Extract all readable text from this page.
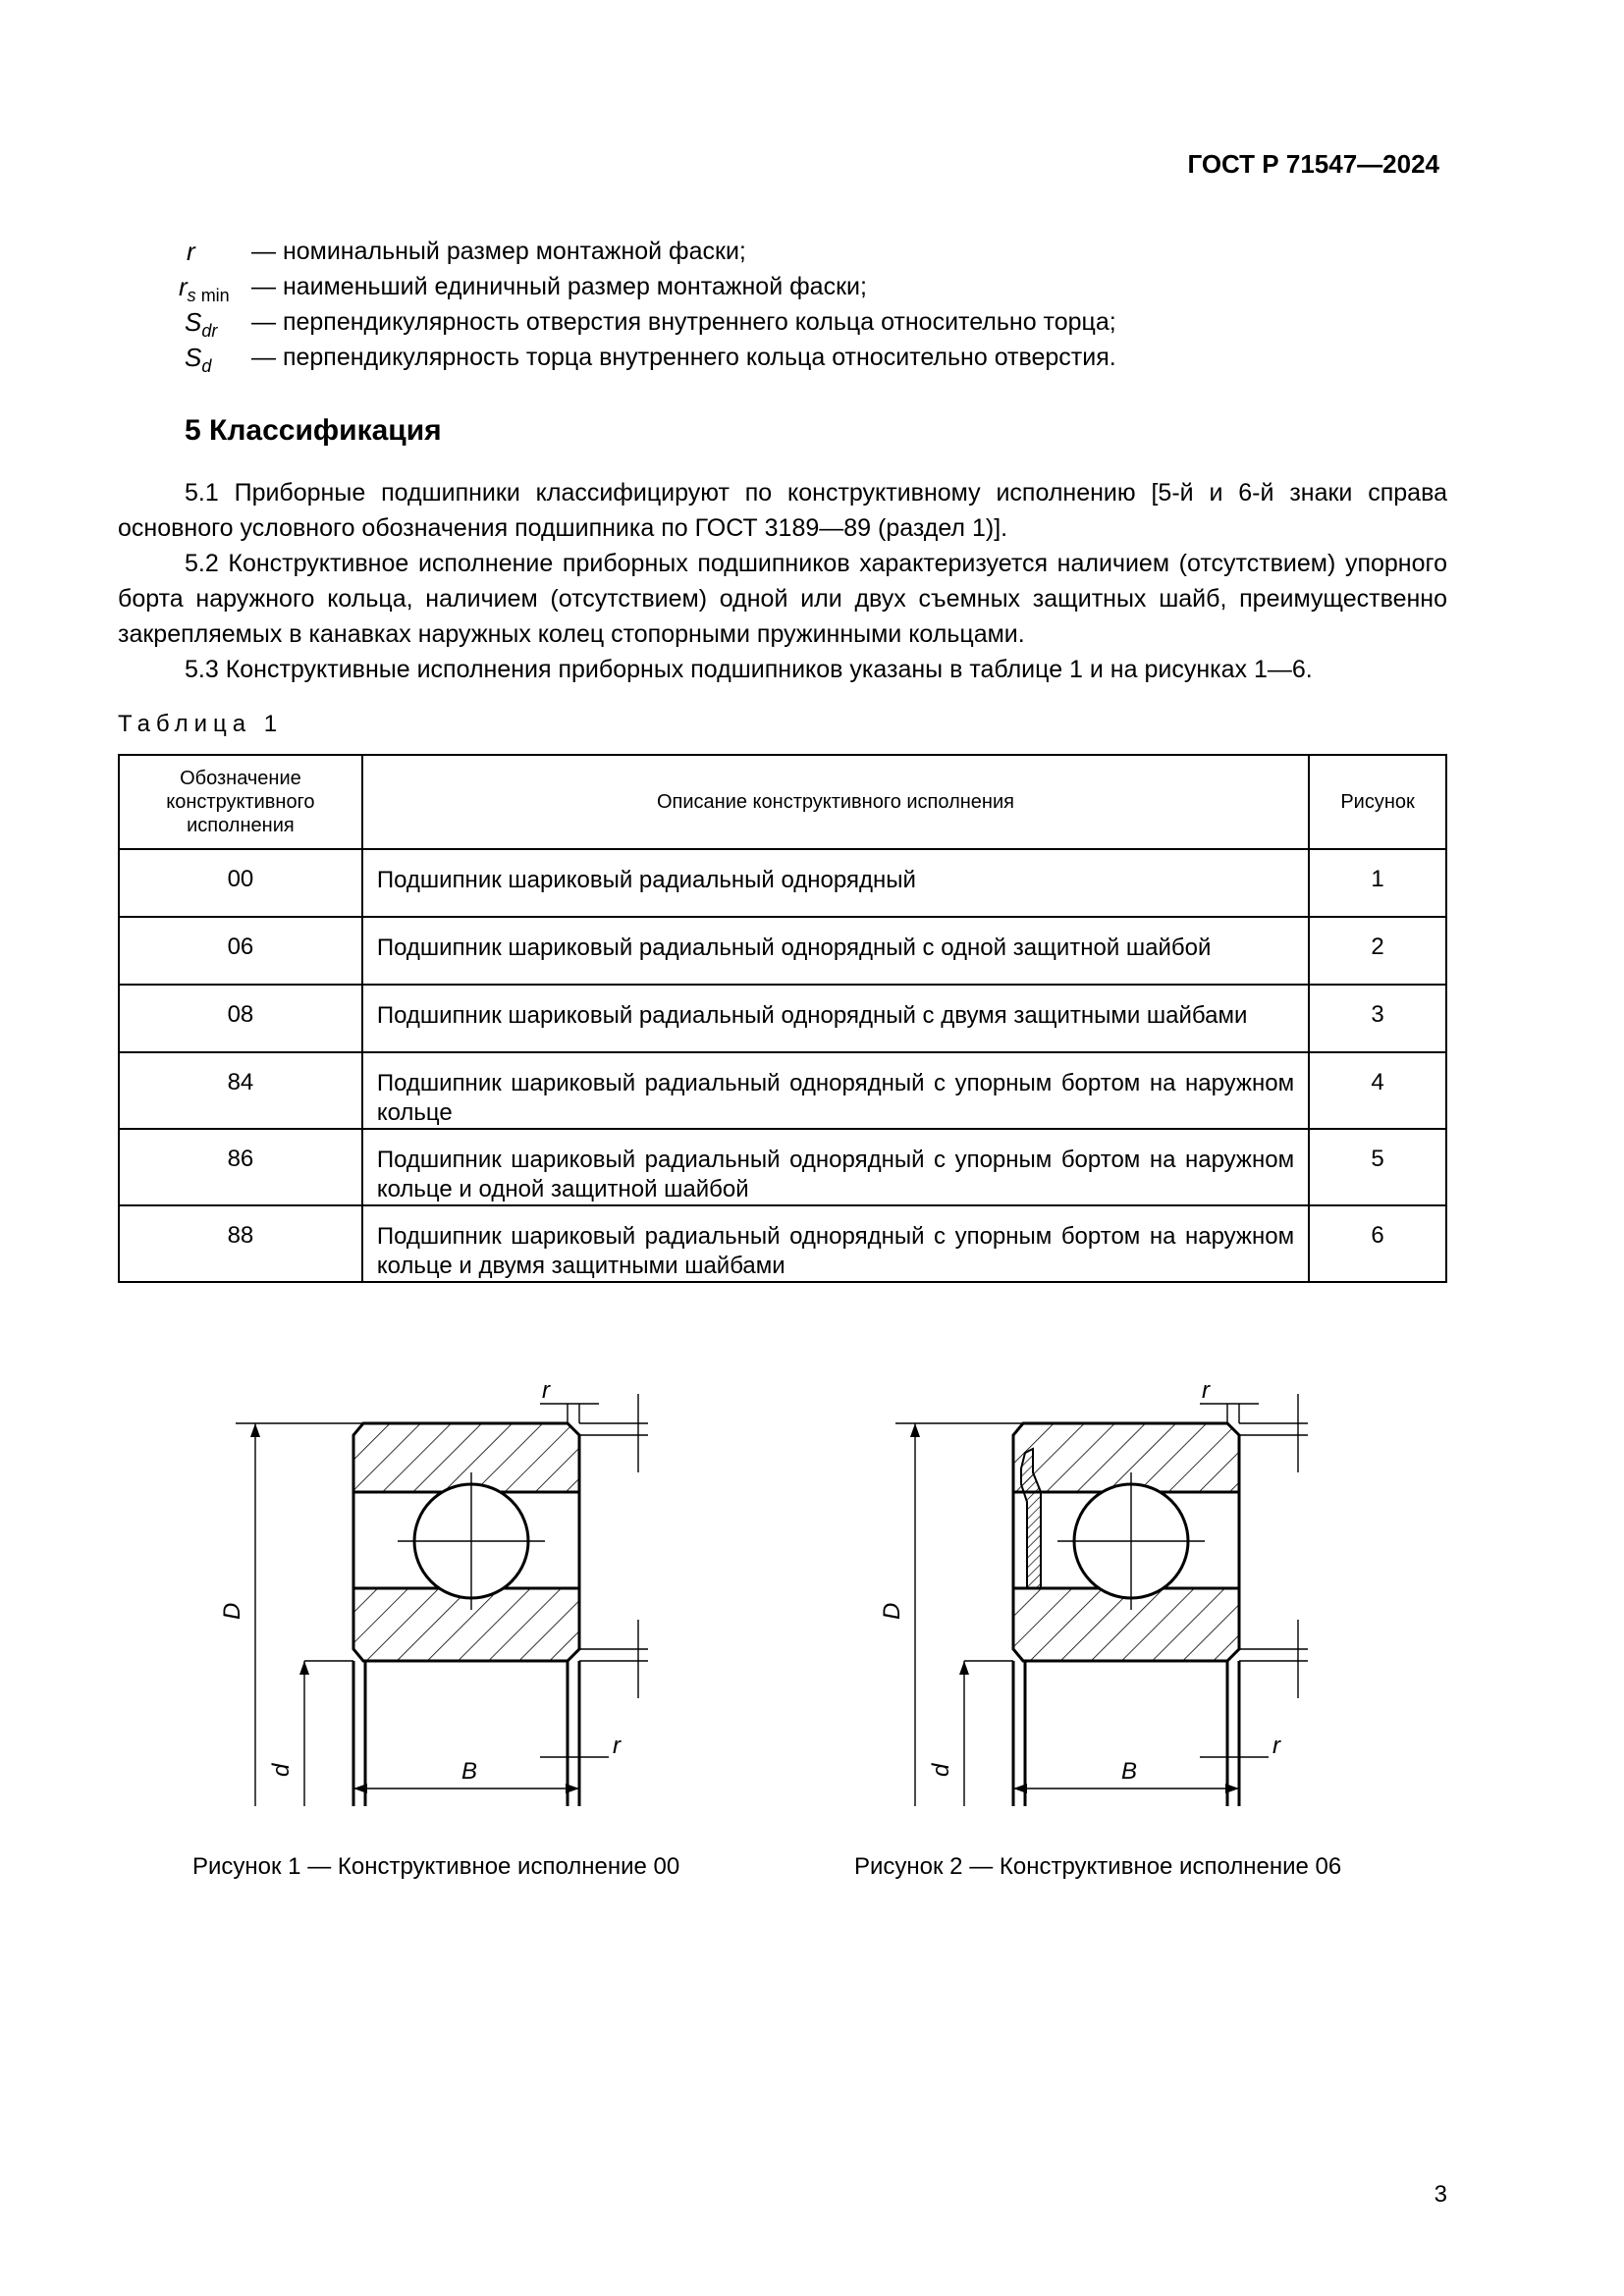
ГОСТ Р 71547—2024
r	— номинальный размер монтажной фаски;
$r_s$ $_{min}$ — наименьший единичный размер монтажной фаски;
$S_{dr}$	— перпендикулярность отверстия внутреннего кольца относительно торца;
$S_d$	— перпендикулярность торца внутреннего кольца относительно отверстия.
5 Классификация
5.1 Приборные подшипники классифицируют по конструктивному исполнению [5-й и 6-й знаки справа основного условного обозначения подшипника по ГОСТ 3189—89 (раздел 1)].
5.2 Конструктивное исполнение приборных подшипников характеризуется наличием (отсутствием) упорного борта наружного кольца, наличием (отсутствием) одной или двух съемных защитных шайб, преимущественно закрепляемых в канавках наружных колец стопорными пружинными кольцами.
5.3 Конструктивные исполнения приборных подшипников указаны в таблице 1 и на рисунках 1—6.
Таблица 1
Обозначение конструктивного исполнения	Описание конструктивного исполнения	Рисунок
00	Подшипник шариковый радиальный однорядный	1
06	Подшипник шариковый радиальный однорядный с одной защитной шайбой	2
08	Подшипник шариковый радиальный однорядный с двумя защитными шайбами	3
84	Подшипник шариковый радиальный однорядный с упорным бортом на наружном кольце	4
86	Подшипник шариковый радиальный однорядный с упорным бортом на наружном кольце и одной защитной шайбой	5
88	Подшипник шариковый радиальный однорядный с упорным бортом на наружном кольце и двумя защитными шайбами	6
D
d	B
r
r
D
d	B
r
r
Рисунок 1 — Конструктивное исполнение 00	Рисунок 2 — Конструктивное исполнение 06
3
